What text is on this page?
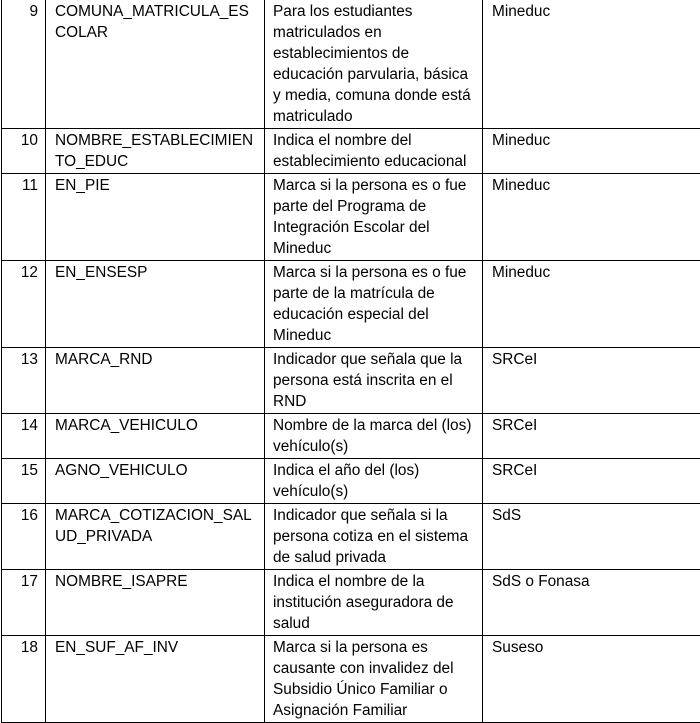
9	COMUNA_MATRICULA_ESCOLAR	Para los estudiantes matriculados en establecimientos de educación parvularia, básica y media, comuna donde está matriculado	Mineduc
10	NOMBRE_ESTABLECIMIENTO_EDUC	Indica el nombre del establecimiento educacional	Mineduc
11	EN_PIE	Marca si la persona es o fue parte del Programa de Integración Escolar del Mineduc	Mineduc
12	EN_ENSESP	Marca si la persona es o fue parte de la matrícula de educación especial del Mineduc	Mineduc
13	MARCA_RND	Indicador que señala que la persona está inscrita en el RND	SRCeI
14	MARCA_VEHICULO	Nombre de la marca del (los) vehículo(s)	SRCeI
15	AGNO_VEHICULO	Indica el año del (los) vehículo(s)	SRCeI
16	MARCA_COTIZACION_SALUD_PRIVADA	Indicador que señala si la persona cotiza en el sistema de salud privada	SdS
17	NOMBRE_ISAPRE	Indica el nombre de la institución aseguradora de salud	SdS o Fonasa
18	EN_SUF_AF_INV	Marca si la persona es causante con invalidez del Subsidio Único Familiar o Asignación Familiar	Suseso
